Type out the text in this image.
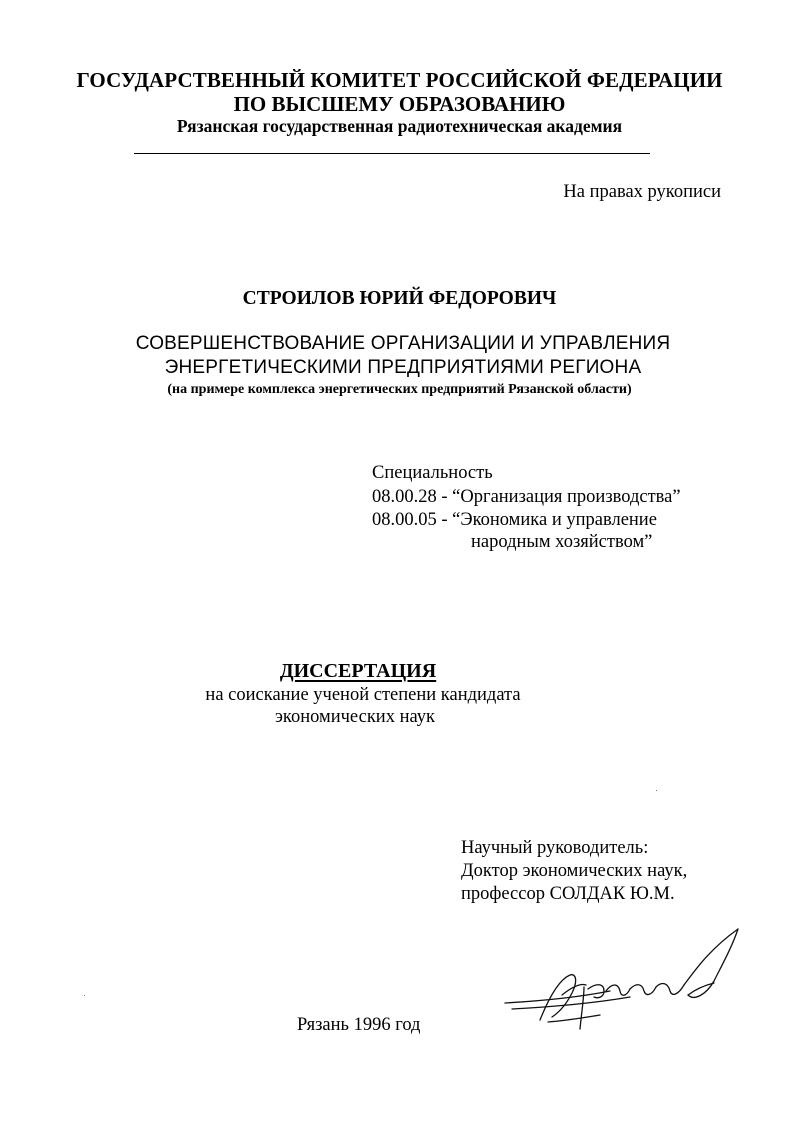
ГОСУДАРСТВЕННЫЙ КОМИТЕТ РОССИЙСКОЙ ФЕДЕРАЦИИ
ПО ВЫСШЕМУ ОБРАЗОВАНИЮ
Рязанская государственная радиотехническая академия
На правах рукописи
СТРОИЛОВ ЮРИЙ ФЕДОРОВИЧ
СОВЕРШЕНСТВОВАНИЕ ОРГАНИЗАЦИИ И УПРАВЛЕНИЯ
ЭНЕРГЕТИЧЕСКИМИ ПРЕДПРИЯТИЯМИ РЕГИОНА
(на примере комплекса энергетических предприятий Рязанской области)
Специальность
08.00.28 - “Организация производства”
08.00.05 - “Экономика и управление
народным хозяйством”
ДИССЕРТАЦИЯ
на соискание ученой степени кандидата
экономических наук
Научный руководитель:
Доктор экономических наук,
профессор СОЛДАК Ю.М.
Рязань 1996 год
